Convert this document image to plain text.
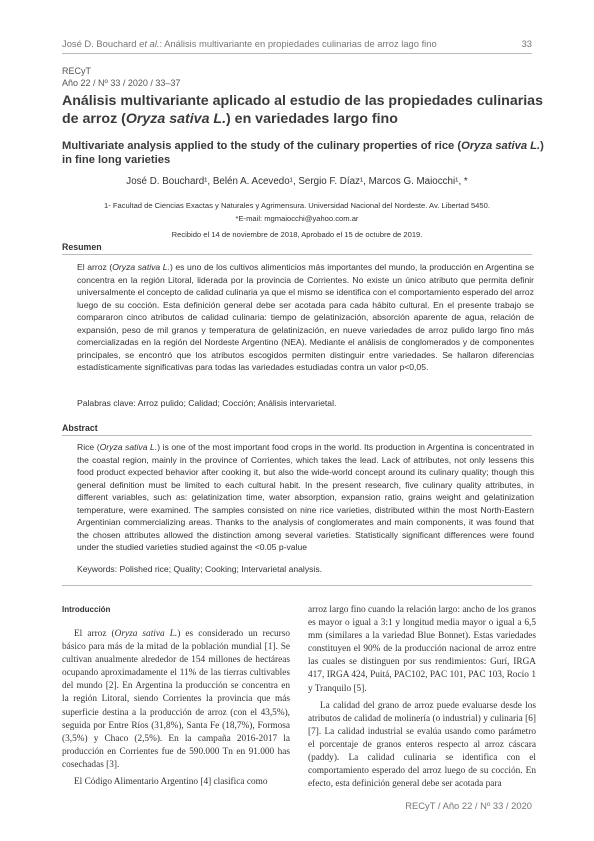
José D. Bouchard et al.: Análisis multivariante en propiedades culinarias de arroz lago fino	33
RECyT
Año 22 / Nº 33 / 2020 / 33–37
Análisis multivariante aplicado al estudio de las propiedades culinarias de arroz (Oryza sativa L.) en variedades largo fino
Multivariate analysis applied to the study of the culinary properties of rice (Oryza sativa L.) in fine long varieties
José D. Bouchard¹, Belén A. Acevedo¹, Sergio F. Díaz¹, Marcos G. Maiocchi¹, *
1- Facultad de Ciencias Exactas y Naturales y Agrimensura. Universidad Nacional del Nordeste. Av. Libertad 5450.
*E-mail: mgmaiocchi@yahoo.com.ar
Recibido el 14 de noviembre de 2018, Aprobado el 15 de octubre de 2019.
Resumen
El arroz (Oryza sativa L.) es uno de los cultivos alimenticios más importantes del mundo, la producción en Argentina se concentra en la región Litoral, liderada por la provincia de Corrientes. No existe un único atributo que permita definir universalmente el concepto de calidad culinaria ya que el mismo se identifica con el comportamiento esperado del arroz luego de su cocción. Esta definición general debe ser acotada para cada hábito cultural. En el presente trabajo se compararon cinco atributos de calidad culinaria: tiempo de gelatinización, absorción aparente de agua, relación de expansión, peso de mil granos y temperatura de gelatinización, en nueve variedades de arroz pulido largo fino más comercializadas en la región del Nordeste Argentino (NEA). Mediante el análisis de conglomerados y de componentes principales, se encontró que los atributos escogidos permiten distinguir entre variedades. Se hallaron diferencias estadísticamente significativas para todas las variedades estudiadas contra un valor p<0,05.
Palabras clave: Arroz pulido; Calidad; Cocción; Análisis intervarietal.
Abstract
Rice (Oryza sativa L.) is one of the most important food crops in the world. Its production in Argentina is concentrated in the coastal region, mainly in the province of Corrientes, which takes the lead. Lack of attributes, not only lessens this food product expected behavior after cooking it, but also the wide-world concept around its culinary quality; though this general definition must be limited to each cultural habit. In the present research, five culinary quality attributes, in different variables, such as: gelatinization time, water absorption, expansion ratio, grains weight and gelatinization temperature, were examined. The samples consisted on nine rice varieties, distributed within the most North-Eastern Argentinian commercializing areas. Thanks to the analysis of conglomerates and main components, it was found that the chosen attributes allowed the distinction among several varieties. Statistically significant differences were found under the studied varieties studied against the <0.05 p-value
Keywords: Polished rice; Quality; Cooking; Intervarietal analysis.
Introducción

El arroz (Oryza sativa L.) es considerado un recurso básico para más de la mitad de la población mundial [1]. Se cultivan anualmente alrededor de 154 millones de hectáreas ocupando aproximadamente el 11% de las tierras cultivables del mundo [2]. En Argentina la producción se concentra en la región Litoral, siendo Corrientes la provincia que más superficie destina a la producción de arroz (con el 43,5%), seguida por Entre Ríos (31,8%), Santa Fe (18,7%), Formosa (3,5%) y Chaco (2,5%). En la campaña 2016-2017 la producción en Corrientes fue de 590.000 Tn en 91.000 has cosechadas [3].

El Código Alimentario Argentino [4] clasifica como

arroz largo fino cuando la relación largo: ancho de los granos es mayor o igual a 3:1 y longitud media mayor o igual a 6,5 mm (similares a la variedad Blue Bonnet). Estas variedades constituyen el 90% de la producción nacional de arroz entre las cuales se distinguen por sus rendimientos: Gurí, IRGA 417, IRGA 424, Puitá, PAC102, PAC 101, PAC 103, Rocío 1 y Tranquilo [5].

La calidad del grano de arroz puede evaluarse desde los atributos de calidad de molinería (o industrial) y culinaria [6] [7]. La calidad industrial se evalúa usando como parámetro el porcentaje de granos enteros respecto al arroz cáscara (paddy). La calidad culinaria se identifica con el comportamiento esperado del arroz luego de su cocción. En efecto, esta definición general debe ser acotada para

RECyT / Año 22 / Nº 33 / 2020
